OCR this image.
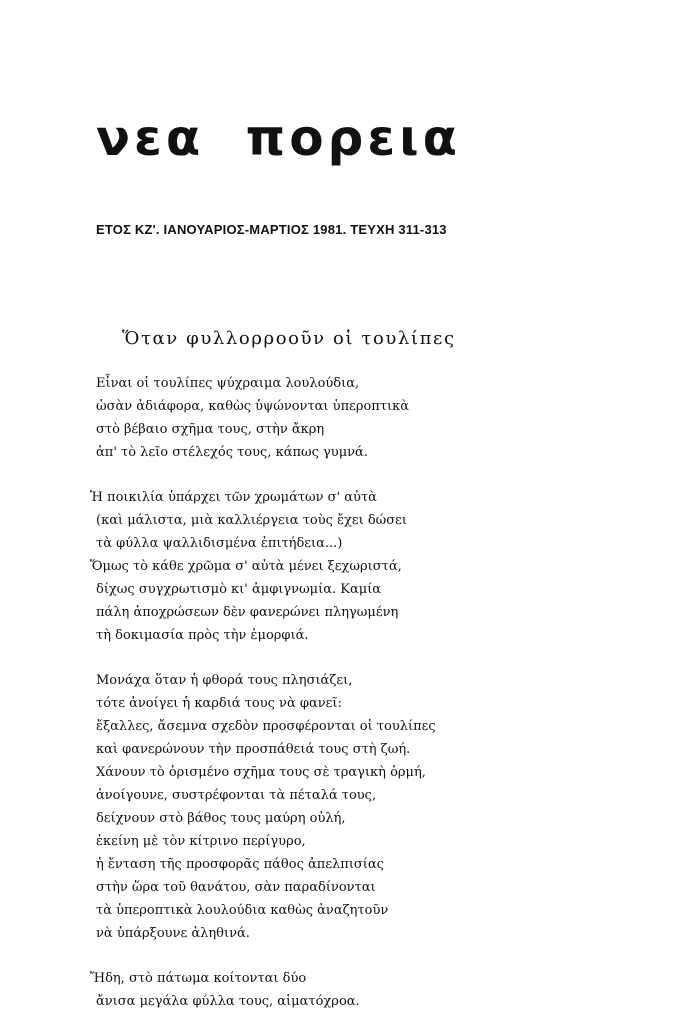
νεα πορεια
ΕΤΟΣ ΚΖ'. ΙΑΝΟΥΑΡΙΟΣ-ΜΑΡΤΙΟΣ 1981. ΤΕΥΧΗ 311-313
Ὅταν φυλλορροοῦν οἱ τουλίπες
Εἶναι οἱ τουλίπες ψύχραιμα λουλούδια,
ὡσὰν ἀδιάφορα, καθὼς ὑψώνονται ὑπεροπτικὰ
στὸ βέβαιο σχῆμα τους, στὴν ἄκρη
ἀπ' τὸ λεῖο στέλεχός τους, κάπως γυμνά.
Ἡ ποικιλία ὑπάρχει τῶν χρωμάτων σ' αὐτὰ
(καὶ μάλιστα, μιὰ καλλιέργεια τοὺς ἔχει δώσει
τὰ φύλλα ψαλλιδισμένα ἐπιτήδεια...)
Ὅμως τὸ κάθε χρῶμα σ' αὐτὰ μένει ξεχωριστά,
δίχως συγχρωτισμὸ κι' ἀμφιγνωμία. Καμία
πάλη ἀποχρώσεων δὲν φανερώνει πληγωμένη
τὴ δοκιμασία πρὸς τὴν ἐμορφιά.
Μονάχα ὅταν ἡ φθορά τους πλησιάζει,
τότε ἀνοίγει ἡ καρδιά τους νὰ φανεῖ:
ἔξαλλες, ἄσεμνα σχεδὸν προσφέρονται οἱ τουλίπες
καὶ φανερώνουν τὴν προσπάθειά τους στὴ ζωή.
Χάνουν τὸ ὁρισμένο σχῆμα τους σὲ τραγικὴ ὁρμή,
ἀνοίγουνε, συστρέφονται τὰ πέταλά τους,
δείχνουν στὸ βάθος τους μαύρη οὐλή,
ἐκείνη μὲ τὸν κίτρινο περίγυρο,
ἡ ἔνταση τῆς προσφορᾶς πάθος ἀπελπισίας
στὴν ὥρα τοῦ θανάτου, σὰν παραδίνονται
τὰ ὑπεροπτικὰ λουλούδια καθὼς ἀναζητοῦν
νὰ ὑπάρξουνε ἀληθινά.
Ἤδη, στὸ πάτωμα κοίτονται δύο
ἄνισα μεγάλα φύλλα τους, αἱματόχροα.
